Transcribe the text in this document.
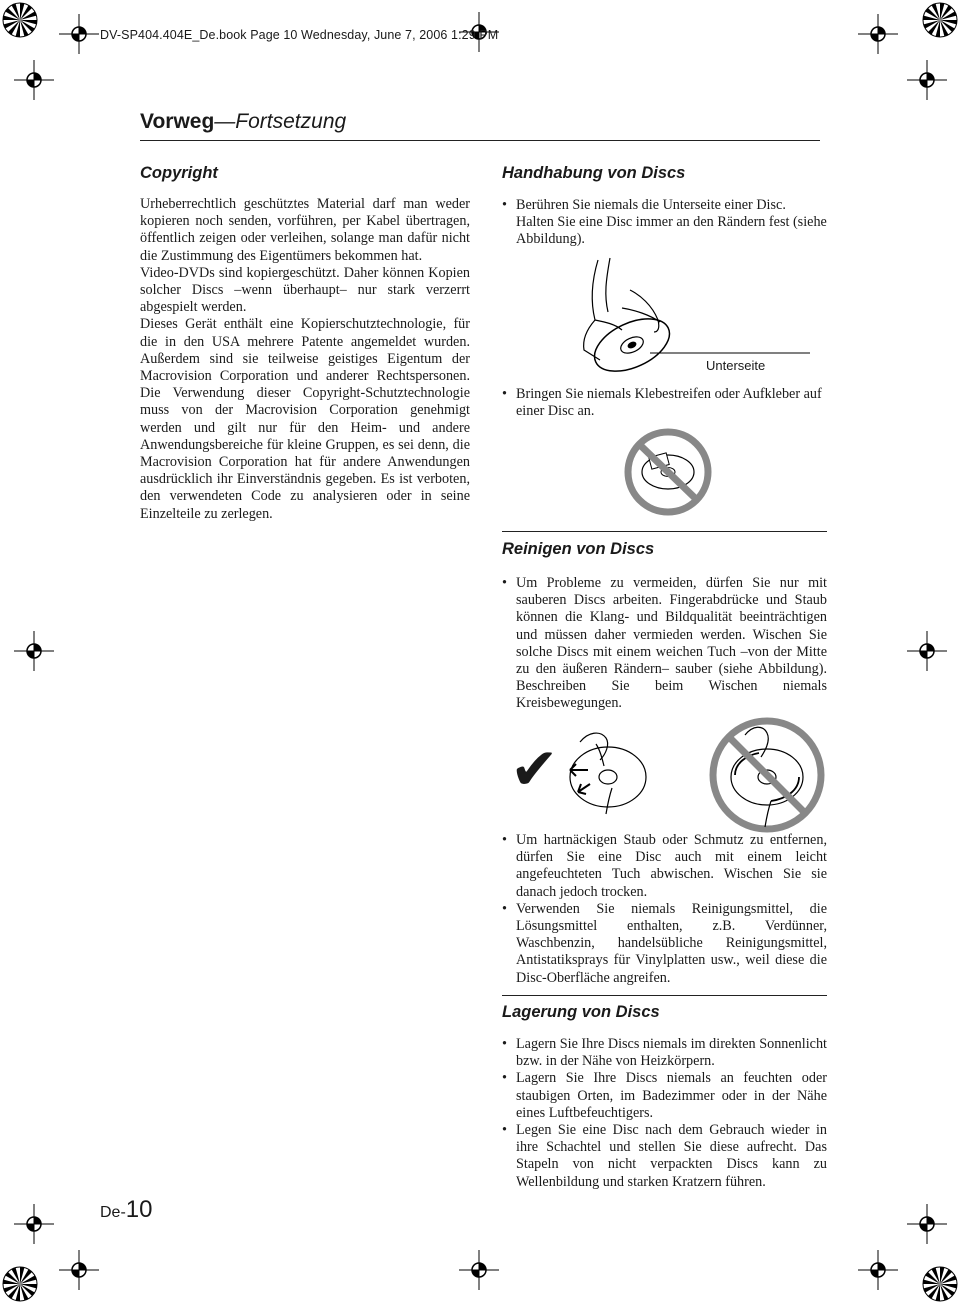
DV-SP404.404E_De.book Page 10 Wednesday, June 7, 2006 1:29 PM
Vorweg—Fortsetzung
Copyright

Urheberrechtlich geschütztes Material darf man weder kopieren noch senden, vorführen, per Kabel übertragen, öffentlich zeigen oder verleihen, solange man dafür nicht die Zustimmung des Eigentümers bekommen hat.

Video-DVDs sind kopiergeschützt. Daher können Kopien solcher Discs –wenn überhaupt– nur stark verzerrt abgespielt werden.

Dieses Gerät enthält eine Kopierschutztechnologie, für die in den USA mehrere Patente angemeldet wurden. Außerdem sind sie teilweise geistiges Eigentum der Macrovision Corporation und anderer Rechtspersonen. Die Verwendung dieser Copyright-Schutztechnologie muss von der Macrovision Corporation genehmigt werden und gilt nur für den Heim- und andere Anwendungsbereiche für kleine Gruppen, es sei denn, die Macrovision Corporation hat für andere Anwendungen ausdrücklich ihr Einverständnis gegeben. Es ist verboten, den verwendeten Code zu analysieren oder in seine Einzelteile zu zerlegen.

Handhabung von Discs
• Berühren Sie niemals die Unterseite einer Disc. Halten Sie eine Disc immer an den Rändern fest (siehe Abbildung).
Unterseite
• Bringen Sie niemals Klebestreifen oder Aufkleber auf einer Disc an.
Reinigen von Discs
• Um Probleme zu vermeiden, dürfen Sie nur mit sauberen Discs arbeiten. Fingerabdrücke und Staub können die Klang- und Bildqualität beeinträchtigen und müssen daher vermieden werden. Wischen Sie solche Discs mit einem weichen Tuch –von der Mitte zu den äußeren Rändern– sauber (siehe Abbildung). Beschreiben Sie beim Wischen niemals Kreisbewegungen.
✔
• Um hartnäckigen Staub oder Schmutz zu entfernen, dürfen Sie eine Disc auch mit einem leicht angefeuchteten Tuch abwischen. Wischen Sie sie danach jedoch trocken.
• Verwenden Sie niemals Reinigungsmittel, die Lösungsmittel enthalten, z.B. Verdünner, Waschbenzin, handelsübliche Reinigungsmittel, Antistatiksprays für Vinylplatten usw., weil diese die Disc-Oberfläche angreifen.
Lagerung von Discs
• Lagern Sie Ihre Discs niemals im direkten Sonnenlicht bzw. in der Nähe von Heizkörpern.
• Lagern Sie Ihre Discs niemals an feuchten oder staubigen Orten, im Badezimmer oder in der Nähe eines Luftbefeuchtigers.
• Legen Sie eine Disc nach dem Gebrauch wieder in ihre Schachtel und stellen Sie diese aufrecht. Das Stapeln von nicht verpackten Discs kann zu Wellenbildung und starken Kratzern führen.
De-10
